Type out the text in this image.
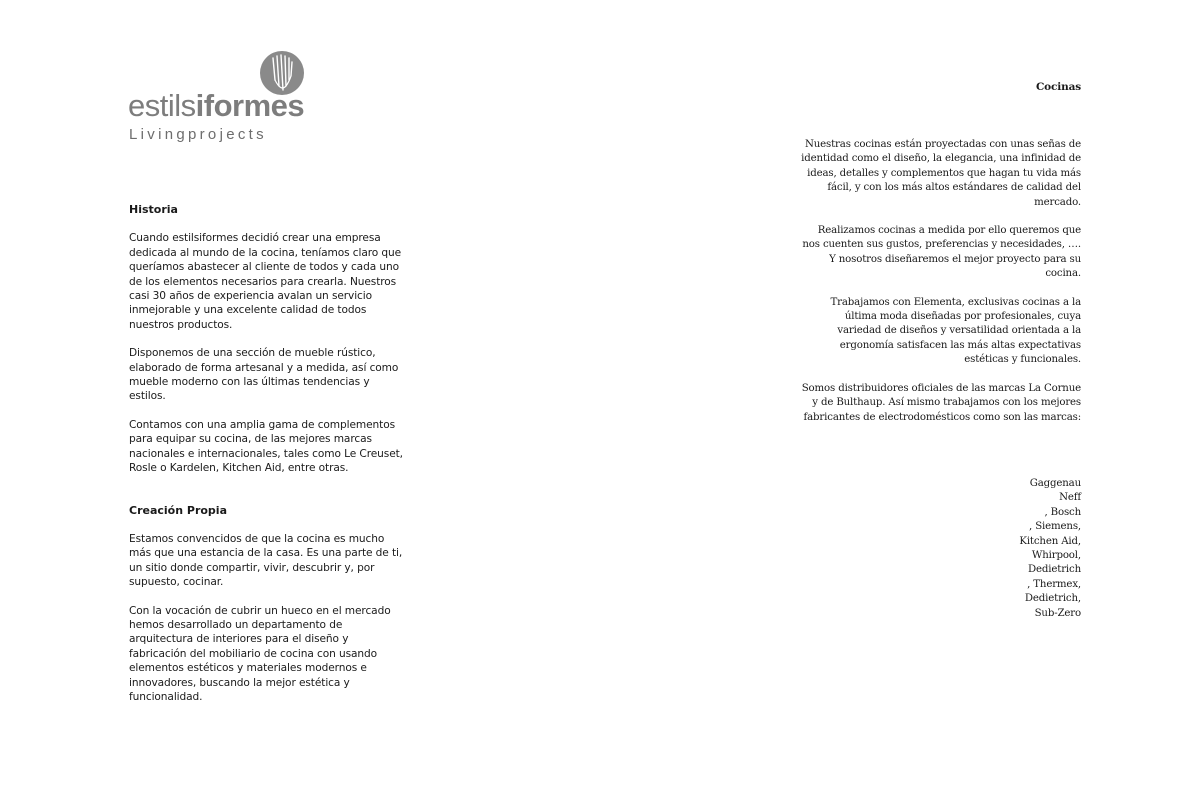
estilsiformes
Livingprojects
Historia

Cuando estilsiformes decidió crear una empresa dedicada al mundo de la cocina, teníamos claro que queríamos abastecer al cliente de todos y cada uno de los elementos necesarios para crearla. Nuestros casi 30 años de experiencia avalan un servicio inmejorable y una excelente calidad de todos nuestros productos.

Disponemos de una sección de mueble rústico, elaborado de forma artesanal y a medida, así como mueble moderno con las últimas tendencias y estilos.

Contamos con una amplia gama de complementos para equipar su cocina, de las mejores marcas nacionales e internacionales, tales como Le Creuset, Rosle o Kardelen, Kitchen Aid, entre otras.

Creación Propia

Estamos convencidos de que la cocina es mucho más que una estancia de la casa. Es una parte de ti, un sitio donde compartir, vivir, descubrir y, por supuesto, cocinar.

Con la vocación de cubrir un hueco en el mercado hemos desarrollado un departamento de arquitectura de interiores para el diseño y fabricación del mobiliario de cocina con usando elementos estéticos y materiales modernos e innovadores, buscando la mejor estética y funcionalidad.

Cocinas

Nuestras cocinas están proyectadas con unas señas de identidad como el diseño, la elegancia, una infinidad de ideas, detalles y complementos que hagan tu vida más fácil, y con los más altos estándares de calidad del mercado.

Realizamos cocinas a medida por ello queremos que nos cuenten sus gustos, preferencias y necesidades, …. Y nosotros diseñaremos el mejor proyecto para su cocina.

Trabajamos con Elementa, exclusivas cocinas a la última moda diseñadas por profesionales, cuya variedad de diseños y versatilidad orientada a la ergonomía satisfacen las más altas expectativas estéticas y funcionales.

Somos distribuidores oficiales de las marcas La Cornue y de Bulthaup. Así mismo trabajamos con los mejores fabricantes de electrodomésticos como son las marcas:

Gaggenau
Neff
, Bosch
, Siemens,
Kitchen Aid,
Whirpool,
Dedietrich
, Thermex,
Dedietrich,
Sub-Zero
